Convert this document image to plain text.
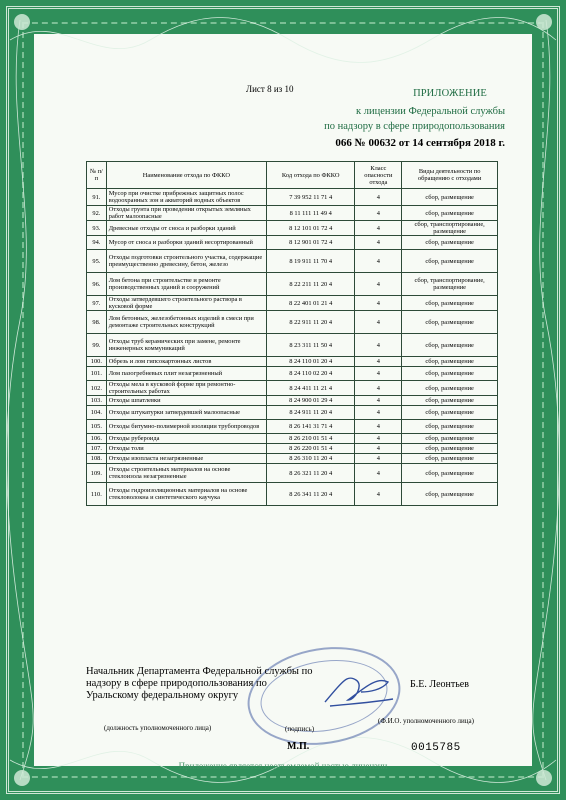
Лист 8 из 10	ПРИЛОЖЕНИЕ
к лицензии Федеральной службы
по надзору в сфере природопользования
066 № 00632 от 14 сентября 2018 г.
№ п/п	Наименование отхода по ФККО	Код отхода по ФККО	Класс опасности отхода	Виды деятельности по обращению с отходами
91.	Мусор при очистке прибрежных защитных полос водоохранных зон и акваторий водных объектов	7 39 952 11 71 4	4	сбор, размещение
92.	Отходы грунта при проведении открытых земляных работ малоопасные	8 11 111 11 49 4	4	сбор, размещение
93.	Древесные отходы от сноса и разборки зданий	8 12 101 01 72 4	4	сбор, транспортирование, размещение
94.	Мусор от сноса и разборки зданий несортированный	8 12 901 01 72 4	4	сбор, размещение
95.	Отходы подготовки строительного участка, содержащие преимущественно древесину, бетон, железо	8 19 911 11 70 4	4	сбор, размещение
96.	Лом бетона при строительстве и ремонте производственных зданий и сооружений	8 22 211 11 20 4	4	сбор, транспортирование, размещение
97.	Отходы затвердевшего строительного раствора в кусковой форме	8 22 401 01 21 4	4	сбор, размещение
98.	Лом бетонных, железобетонных изделий в смеси при демонтаже строительных конструкций	8 22 911 11 20 4	4	сбор, размещение
99.	Отходы труб керамических при замене, ремонте инженерных коммуникаций	8 23 311 11 50 4	4	сбор, размещение
100.	Обрезь и лом гипсокартонных листов	8 24 110 01 20 4	4	сбор, размещение
101.	Лом пазогребневых плит незагрязненный	8 24 110 02 20 4	4	сбор, размещение
102.	Отходы мела в кусковой форме при ремонтно-строительных работах	8 24 411 11 21 4	4	сбор, размещение
103.	Отходы шпатлевки	8 24 900 01 29 4	4	сбор, размещение
104.	Отходы штукатурки затвердевшей малоопасные	8 24 911 11 20 4	4	сбор, размещение
105.	Отходы битумно-полимерной изоляции трубопроводов	8 26 141 31 71 4	4	сбор, размещение
106.	Отходы рубероида	8 26 210 01 51 4	4	сбор, размещение
107.	Отходы толи	8 26 220 01 51 4	4	сбор, размещение
108.	Отходы изопласта незагрязненные	8 26 310 11 20 4	4	сбор, размещение
109.	Отходы строительных материалов на основе стеклоизола незагрязненные	8 26 321 11 20 4	4	сбор, размещение
110.	Отходы гидроизоляционных материалов на основе стекловолокна и синтетического каучука	8 26 341 11 20 4	4	сбор, размещение
Начальник Департамента Федеральной службы по надзору в сфере природопользования по Уральскому федеральному округу
Б.Е. Леонтьев
(должность уполномоченного лица)	(подпись)
(Ф.И.О. уполномоченного лица)
М.П.	0015785
Приложение является неотъемлемой частью лицензии
